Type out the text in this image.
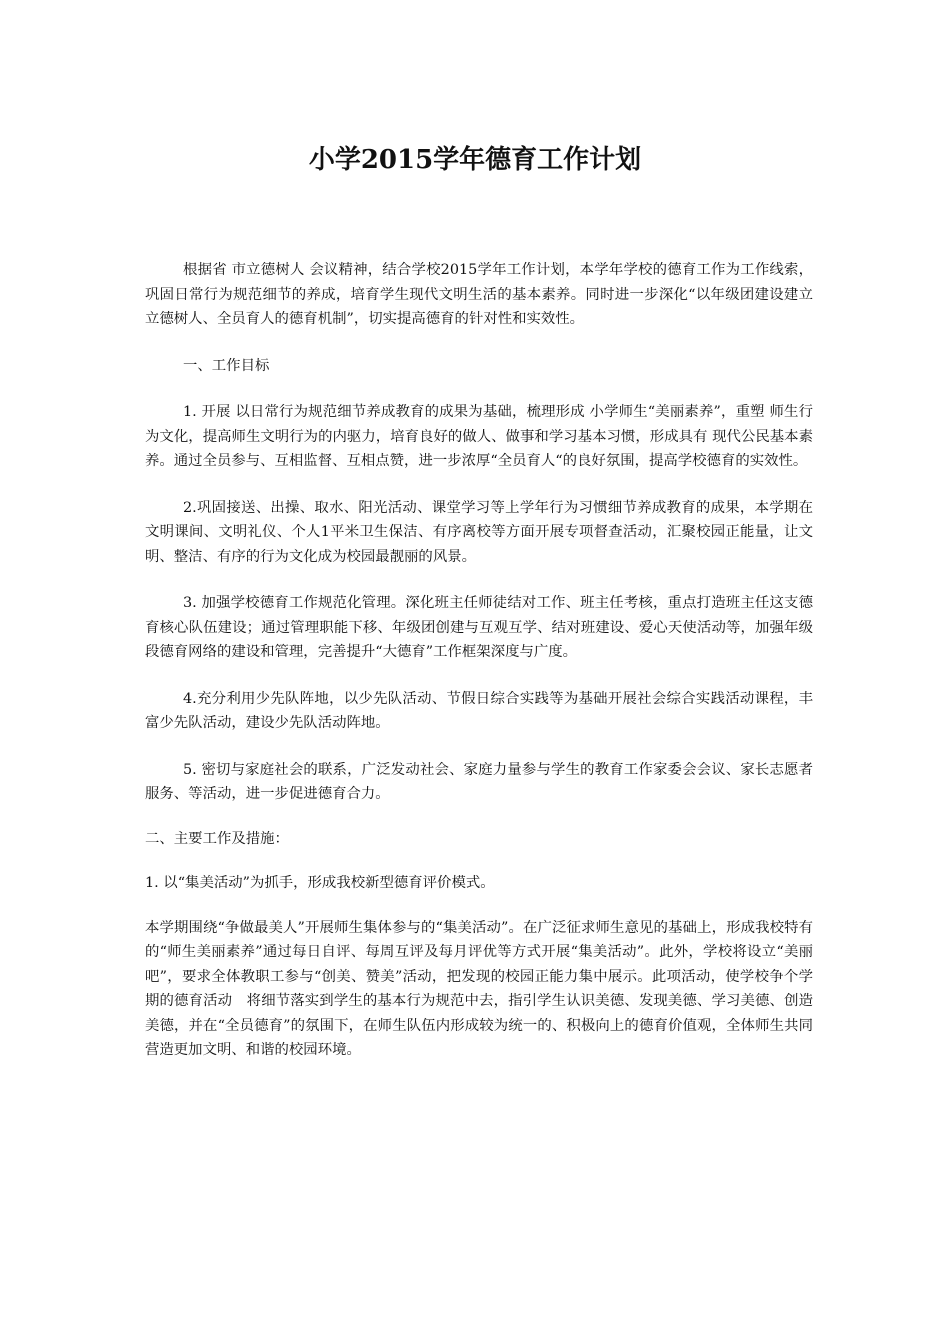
小学2015学年德育工作计划

根据省 市立德树人 会议精神，结合学校2015学年工作计划，本学年学校的德育工作为工作线索，巩固日常行为规范细节的养成，培育学生现代文明生活的基本素养。同时进一步深化“以年级团建设建立立德树人、全员育人的德育机制”，切实提高德育的针对性和实效性。

一、工作目标

1. 开展 以日常行为规范细节养成教育的成果为基础，梳理形成 小学师生“美丽素养”，重塑 师生行为文化，提高师生文明行为的内驱力，培育良好的做人、做事和学习基本习惯，形成具有 现代公民基本素养。通过全员参与、互相监督、互相点赞，进一步浓厚“全员育人“的良好氛围，提高学校德育的实效性。

2.巩固接送、出操、取水、阳光活动、课堂学习等上学年行为习惯细节养成教育的成果，本学期在 文明课间、文明礼仪、个人1平米卫生保洁、有序离校等方面开展专项督查活动，汇聚校园正能量，让文明、整洁、有序的行为文化成为校园最靓丽的风景。

3. 加强学校德育工作规范化管理。深化班主任师徒结对工作、班主任考核，重点打造班主任这支德育核心队伍建设；通过管理职能下移、年级团创建与互观互学、结对班建设、爱心天使活动等，加强年级段德育网络的建设和管理，完善提升“大德育”工作框架深度与广度。

4.充分利用少先队阵地，以少先队活动、节假日综合实践等为基础开展社会综合实践活动课程，丰富少先队活动，建设少先队活动阵地。

5. 密切与家庭社会的联系，广泛发动社会、家庭力量参与学生的教育工作家委会会议、家长志愿者服务、等活动，进一步促进德育合力。

二、主要工作及措施：

1. 以“集美活动”为抓手，形成我校新型德育评价模式。

本学期围绕“争做最美人”开展师生集体参与的“集美活动”。在广泛征求师生意见的基础上，形成我校特有的“师生美丽素养”通过每日自评、每周互评及每月评优等方式开展“集美活动”。此外，学校将设立“美丽吧”，要求全体教职工参与“创美、赞美”活动，把发现的校园正能力集中展示。此项活动，使学校争个学期的德育活动　将细节落实到学生的基本行为规范中去，指引学生认识美德、发现美德、学习美德、创造美德，并在“全员德育”的氛围下，在师生队伍内形成较为统一的、积极向上的德育价值观，全体师生共同营造更加文明、和谐的校园环境。
